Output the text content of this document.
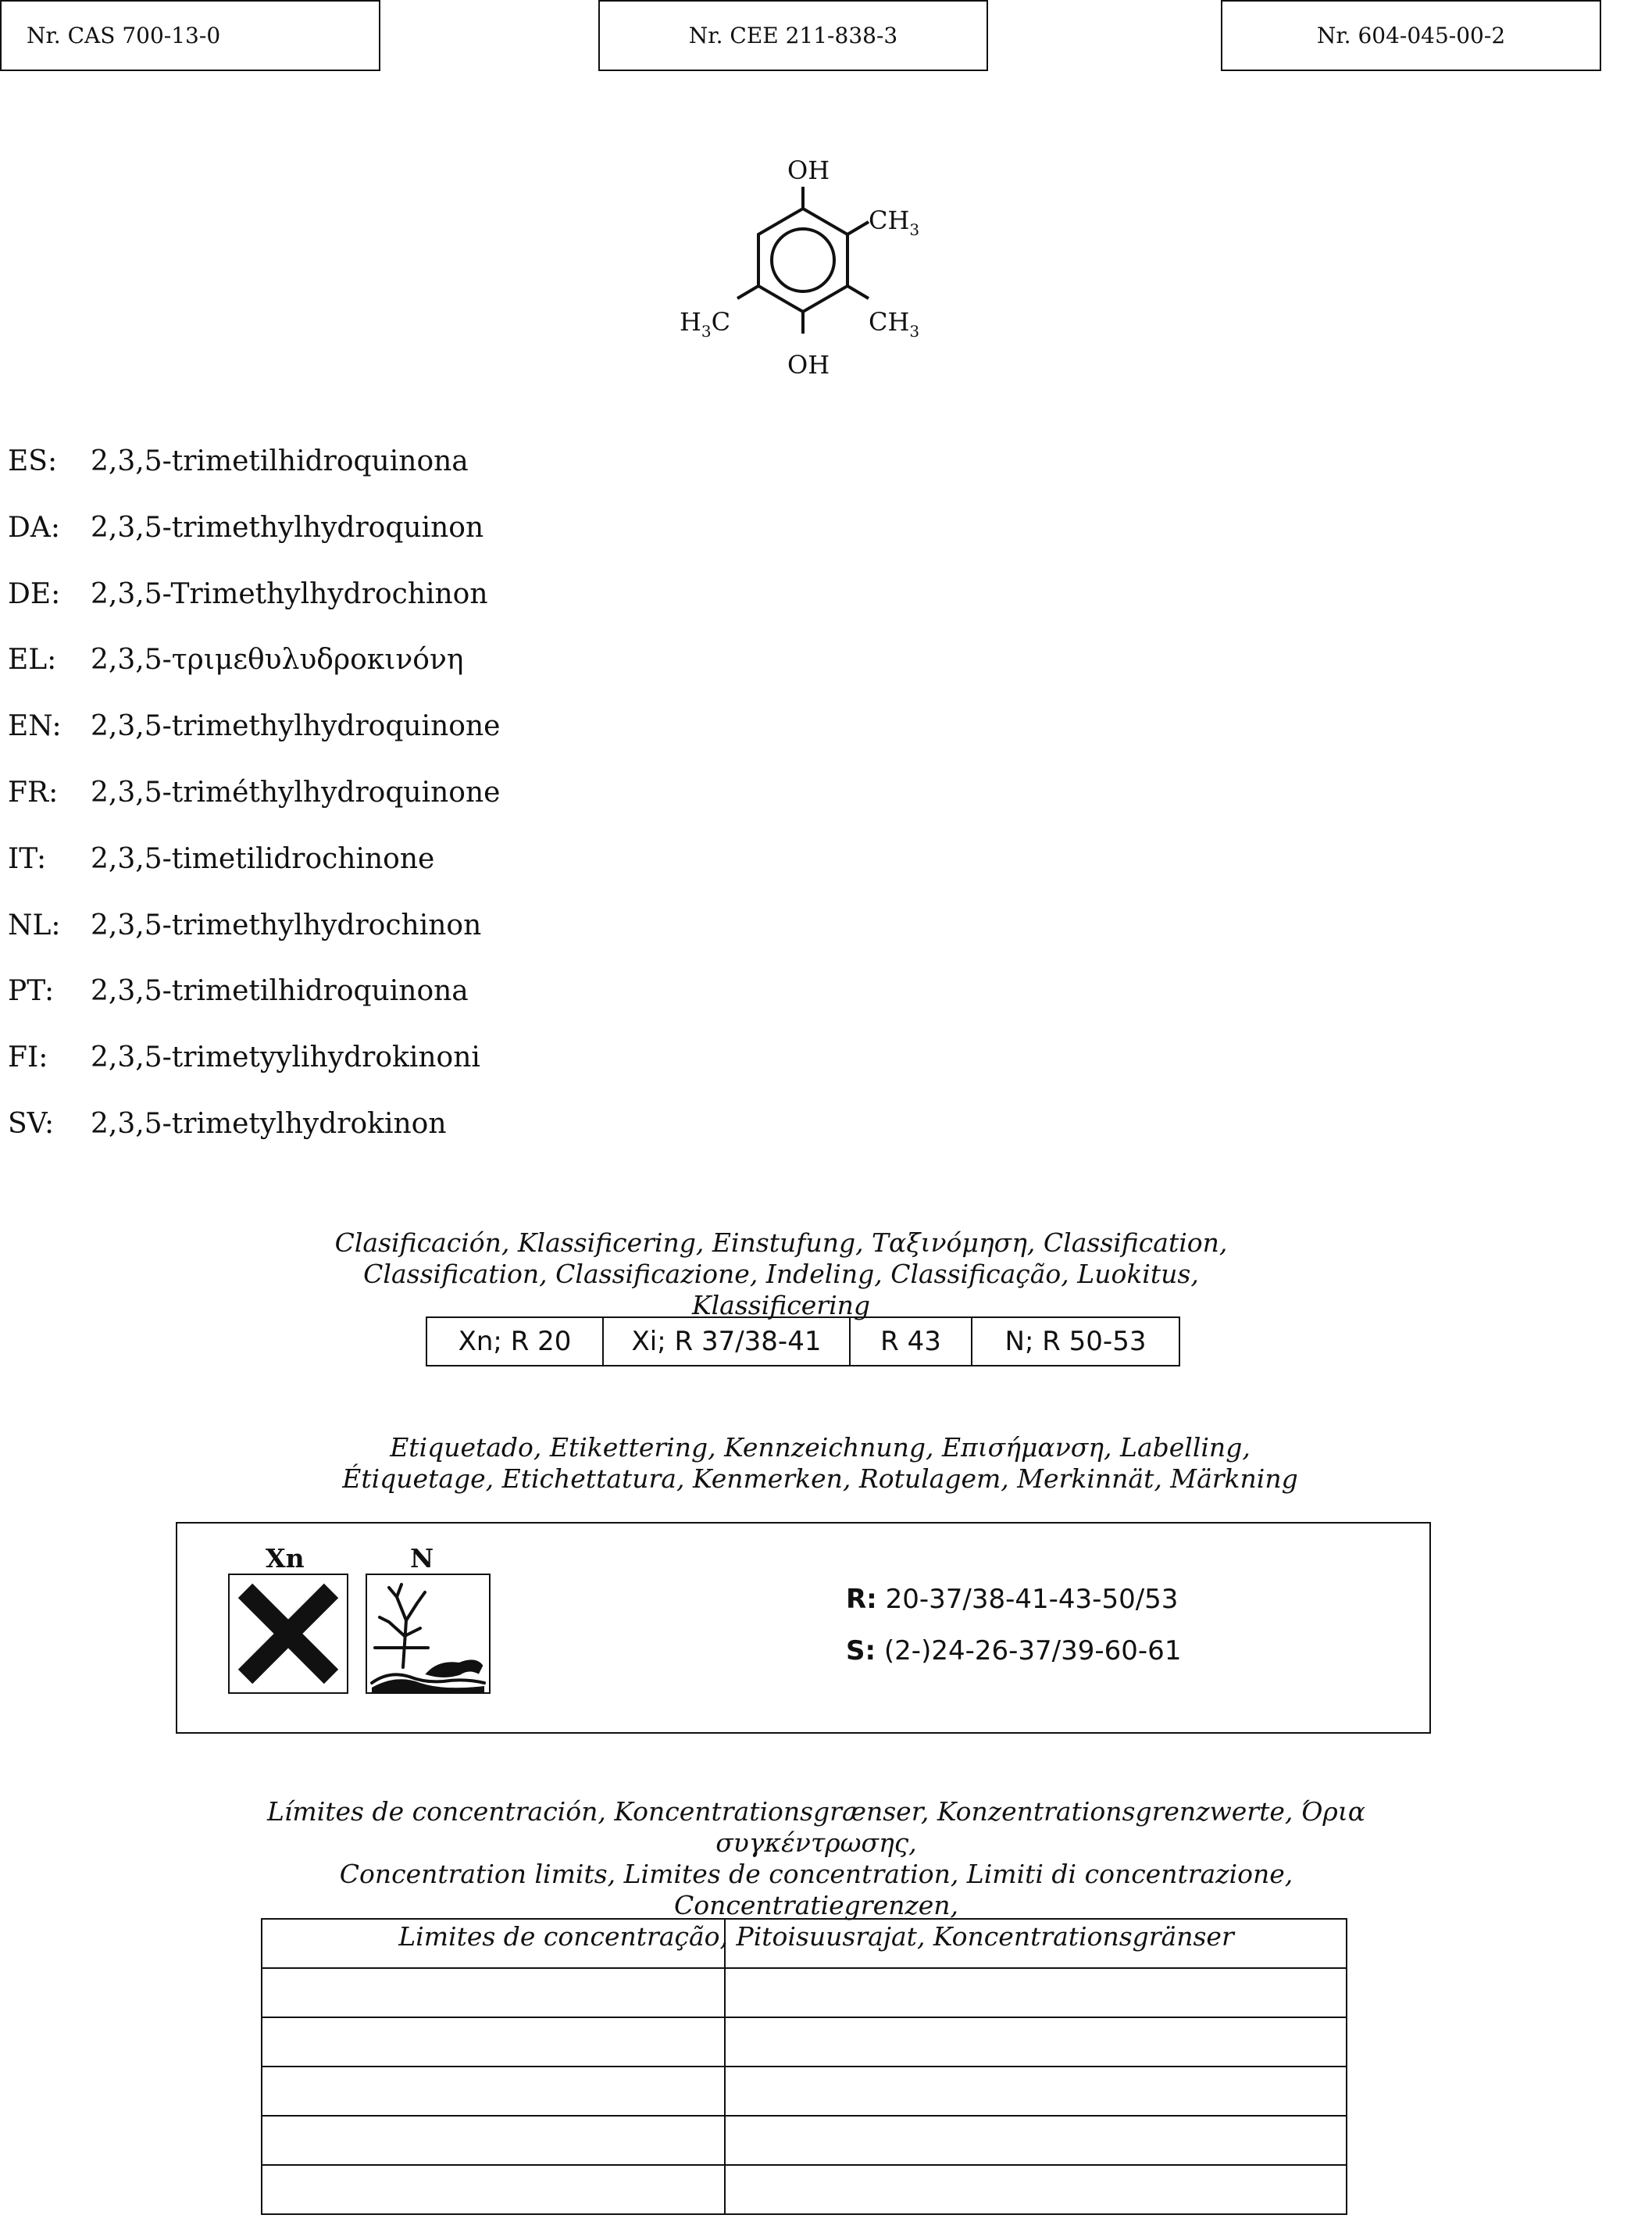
Nr. CAS 700-13-0	Nr. CEE 211-838-3	Nr. 604-045-00-2
OH
OH
$CH_3$
$CH_3$
$H_3C$
ES: 2,3,5-trimetilhidroquinona
DA: 2,3,5-trimethylhydroquinon
DE: 2,3,5-Trimethylhydrochinon
EL: 2,3,5-τριμεθυλυδροκινόνη
EN: 2,3,5-trimethylhydroquinone
FR: 2,3,5-triméthylhydroquinone
IT: 2,3,5-timetilidrochinone
NL: 2,3,5-trimethylhydrochinon
PT: 2,3,5-trimetilhidroquinona
FI: 2,3,5-trimetyylihydrokinoni
SV: 2,3,5-trimetylhydrokinon
Clasificación, Klassificering, Einstufung, Ταξινόμηση, Classification,
Classification, Classificazione, Indeling, Classificação, Luokitus, Klassificering
Xn; R 20	Xi; R 37/38-41	R 43	N; R 50-53
Etiquetado, Etikettering, Kennzeichnung, Επισήμανση, Labelling,
Étiquetage, Etichettatura, Kenmerken, Rotulagem, Merkinnät, Märkning
Xn	N
R: 20-37/38-41-43-50/53
S: (2-)24-26-37/39-60-61
Límites de concentración, Koncentrationsgrænser, Konzentrationsgrenzwerte, Όρια συγκέντρωσης,
Concentration limits, Limites de concentration, Limiti di concentrazione, Concentratiegrenzen,
Limites de concentração, Pitoisuusrajat, Koncentrationsgränser
